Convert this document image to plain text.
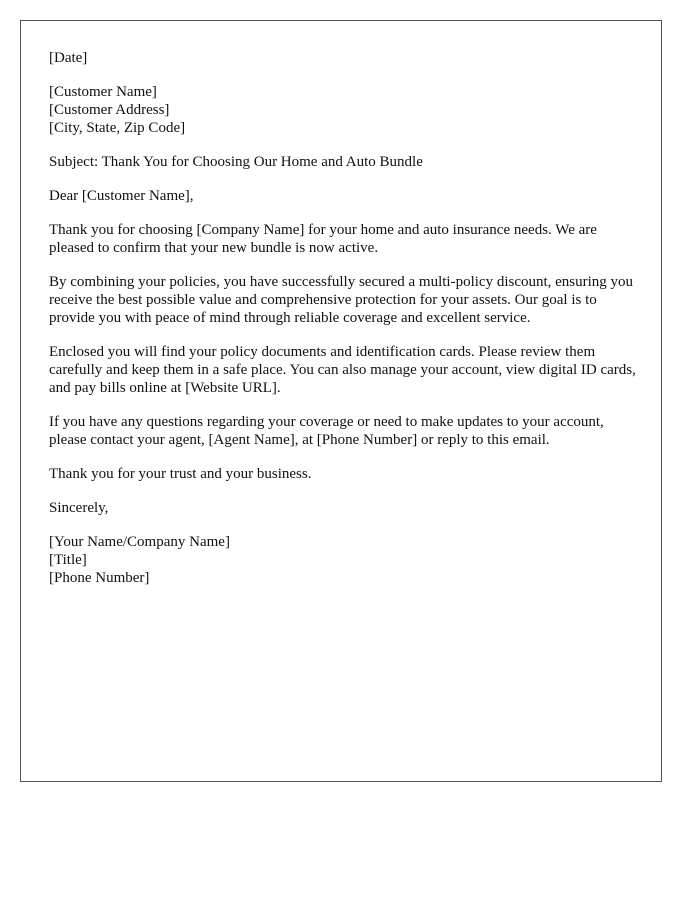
[Date]
[Customer Name]
[Customer Address]
[City, State, Zip Code]

Subject: Thank You for Choosing Our Home and Auto Bundle

Dear [Customer Name],

Thank you for choosing [Company Name] for your home and auto insurance needs. We are pleased to confirm that your new bundle is now active.

By combining your policies, you have successfully secured a multi-policy discount, ensuring you receive the best possible value and comprehensive protection for your assets. Our goal is to provide you with peace of mind through reliable coverage and excellent service.

Enclosed you will find your policy documents and identification cards. Please review them carefully and keep them in a safe place. You can also manage your account, view digital ID cards, and pay bills online at [Website URL].

If you have any questions regarding your coverage or need to make updates to your account, please contact your agent, [Agent Name], at [Phone Number] or reply to this email.

Thank you for your trust and your business.

Sincerely,

[Your Name/Company Name]
[Title]
[Phone Number]
